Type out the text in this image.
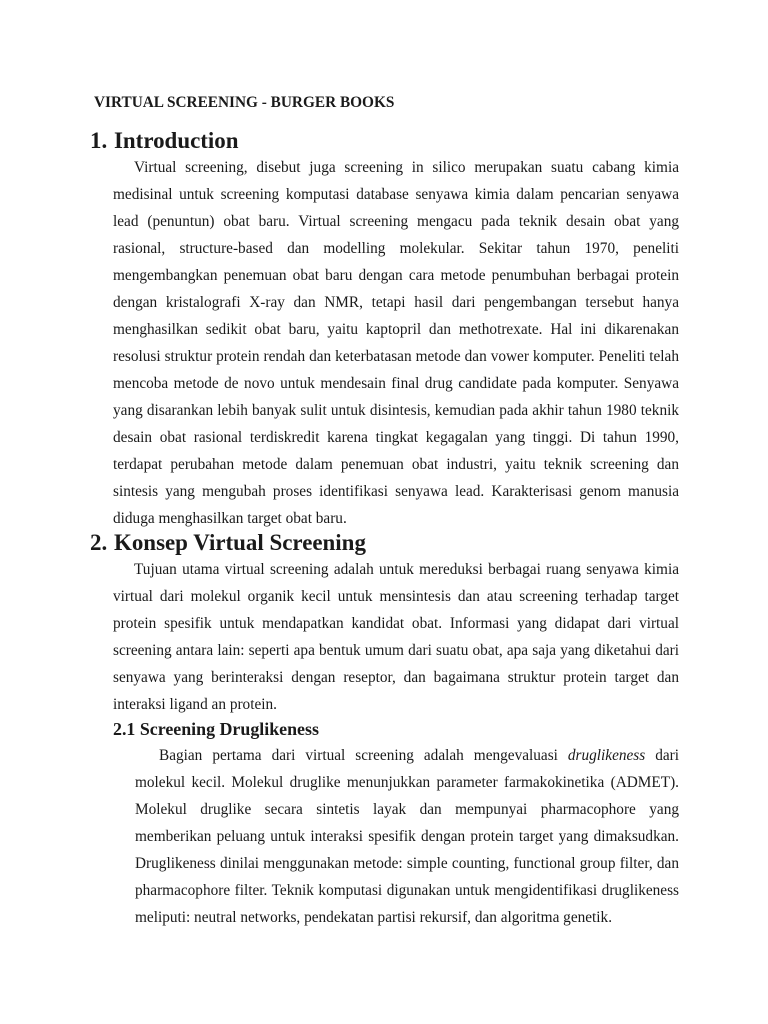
VIRTUAL SCREENING - BURGER BOOKS
1. Introduction

Virtual screening, disebut juga screening in silico merupakan suatu cabang kimia medisinal untuk screening komputasi database senyawa kimia dalam pencarian senyawa lead (penuntun) obat baru. Virtual screening mengacu pada teknik desain obat yang rasional, structure-based dan modelling molekular. Sekitar tahun 1970, peneliti mengembangkan penemuan obat baru dengan cara metode penumbuhan berbagai protein dengan kristalografi X-ray dan NMR, tetapi hasil dari pengembangan tersebut hanya menghasilkan sedikit obat baru, yaitu kaptopril dan methotrexate. Hal ini dikarenakan resolusi struktur protein rendah dan keterbatasan metode dan vower komputer. Peneliti telah mencoba metode de novo untuk mendesain final drug candidate pada komputer. Senyawa yang disarankan lebih banyak sulit untuk disintesis, kemudian pada akhir tahun 1980 teknik desain obat rasional terdiskredit karena tingkat kegagalan yang tinggi. Di tahun 1990, terdapat perubahan metode dalam penemuan obat industri, yaitu teknik screening dan sintesis yang mengubah proses identifikasi senyawa lead. Karakterisasi genom manusia diduga menghasilkan target obat baru.

2. Konsep Virtual Screening

Tujuan utama virtual screening adalah untuk mereduksi berbagai ruang senyawa kimia virtual dari molekul organik kecil untuk mensintesis dan atau screening terhadap target protein spesifik untuk mendapatkan kandidat obat. Informasi yang didapat dari virtual screening antara lain: seperti apa bentuk umum dari suatu obat, apa saja yang diketahui dari senyawa yang berinteraksi dengan reseptor, dan bagaimana struktur protein target dan interaksi ligand an protein.

2.1 Screening Druglikeness

Bagian pertama dari virtual screening adalah mengevaluasi druglikeness dari molekul kecil. Molekul druglike menunjukkan parameter farmakokinetika (ADMET). Molekul druglike secara sintetis layak dan mempunyai pharmacophore yang memberikan peluang untuk interaksi spesifik dengan protein target yang dimaksudkan. Druglikeness dinilai menggunakan metode: simple counting, functional group filter, dan pharmacophore filter. Teknik komputasi digunakan untuk mengidentifikasi druglikeness meliputi: neutral networks, pendekatan partisi rekursif, dan algoritma genetik.
